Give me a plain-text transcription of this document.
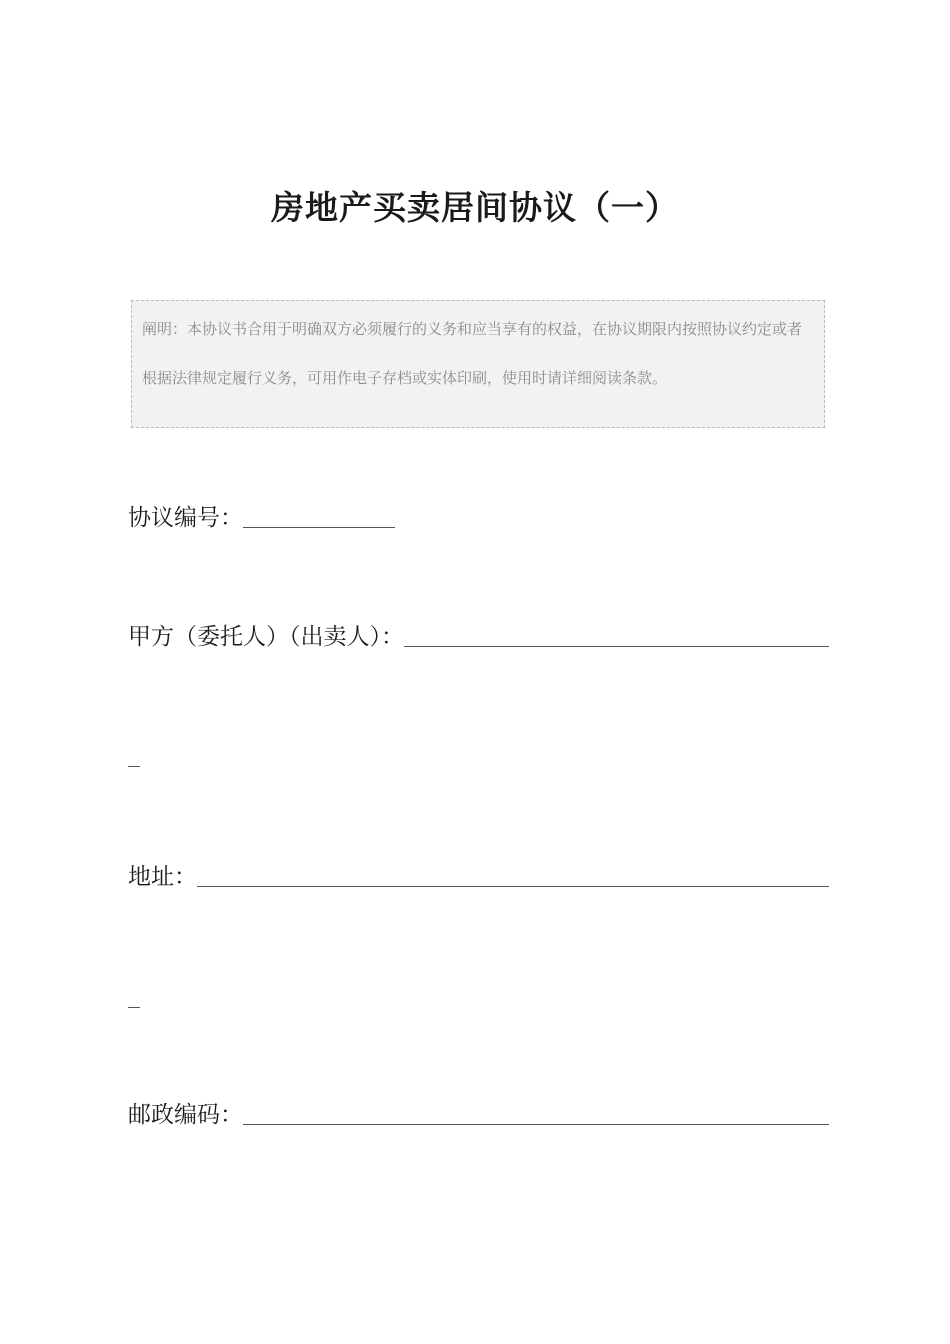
房地产买卖居间协议（一）

阐明：本协议书合用于明确双方必须履行的义务和应当享有的权益，在协议期限内按照协议约定或者根据法律规定履行义务，可用作电子存档或实体印刷，使用时请详细阅读条款。

协议编号：
甲方（委托人）（出卖人）：
地址：
邮政编码：
